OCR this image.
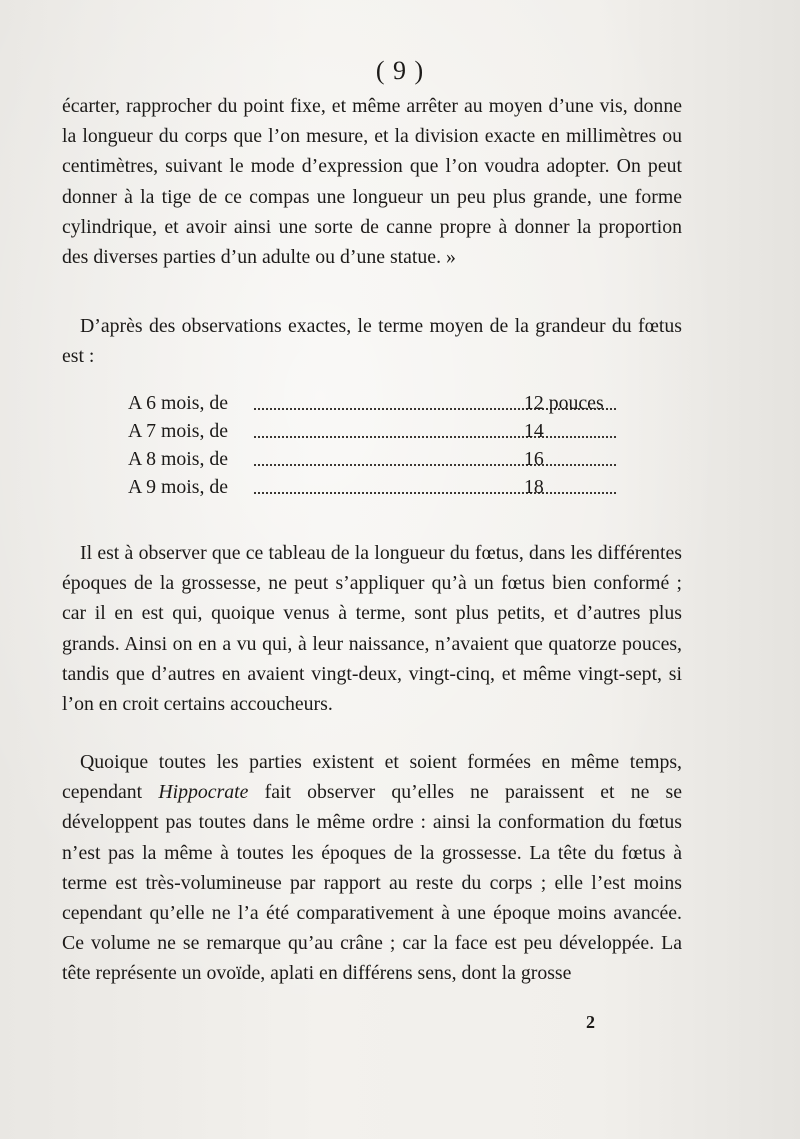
( 9 )

écarter, rapprocher du point fixe, et même arrêter au moyen d’une vis, donne la longueur du corps que l’on mesure, et la division exacte en millimètres ou centimètres, suivant le mode d’expression que l’on voudra adopter. On peut donner à la tige de ce compas une longueur un peu plus grande, une forme cylindrique, et avoir ainsi une sorte de canne propre à donner la proportion des diverses parties d’un adulte ou d’une statue. »

D’après des observations exactes, le terme moyen de la grandeur du fœtus est :

A 6 mois, de	12 pouces
A 7 mois, de	14
A 8 mois, de	16
A 9 mois, de	18

Il est à observer que ce tableau de la longueur du fœtus, dans les différentes époques de la grossesse, ne peut s’appliquer qu’à un fœtus bien conformé ; car il en est qui, quoique venus à terme, sont plus petits, et d’autres plus grands. Ainsi on en a vu qui, à leur naissance, n’avaient que quatorze pouces, tandis que d’autres en avaient vingt-deux, vingt-cinq, et même vingt-sept, si l’on en croit certains accoucheurs.

Quoique toutes les parties existent et soient formées en même temps, cependant Hippocrate fait observer qu’elles ne paraissent et ne se développent pas toutes dans le même ordre : ainsi la conformation du fœtus n’est pas la même à toutes les époques de la grossesse. La tête du fœtus à terme est très-volumineuse par rapport au reste du corps ; elle l’est moins cependant qu’elle ne l’a été comparativement à une époque moins avancée. Ce volume ne se remarque qu’au crâne ; car la face est peu développée. La tête représente un ovoïde, aplati en différens sens, dont la grosse

2
